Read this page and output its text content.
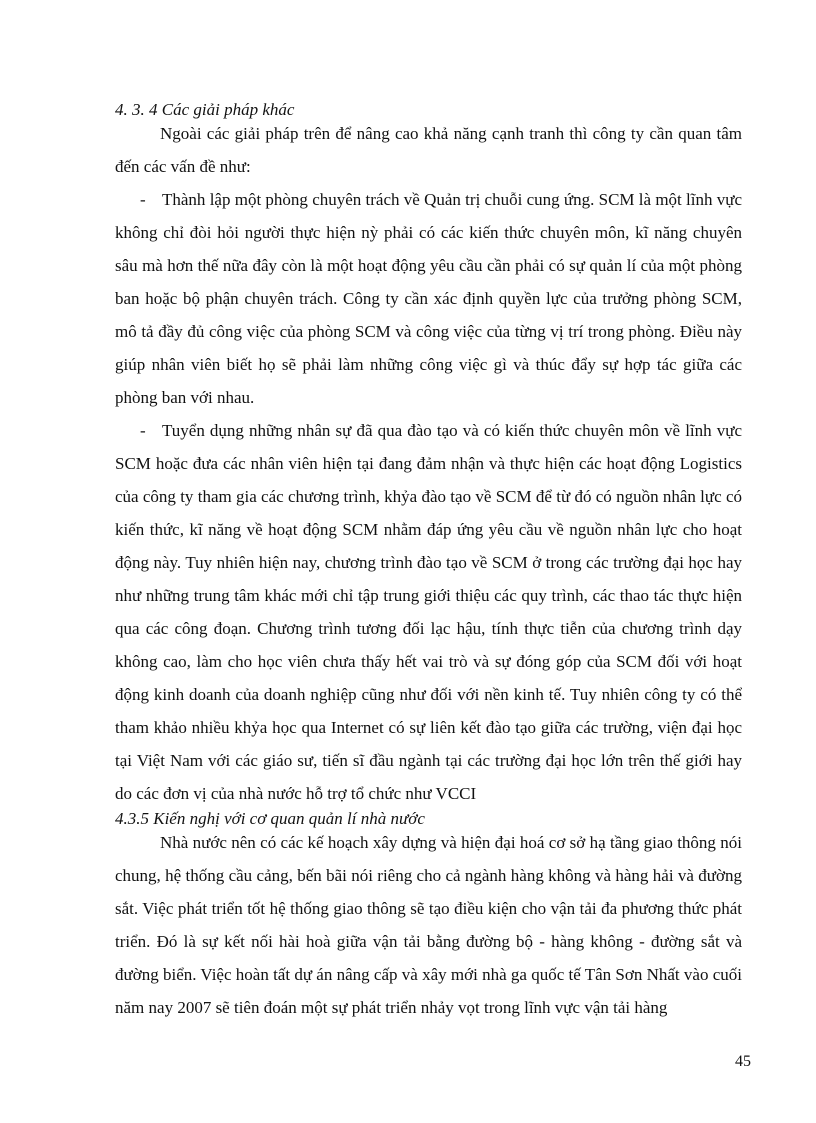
4. 3. 4 Các giải pháp khác

Ngoài các giải pháp trên để nâng cao khả năng cạnh tranh thì công ty cần quan tâm đến các vấn đề như:

- Thành lập một phòng chuyên trách về Quản trị chuỗi cung ứng. SCM là một lĩnh vực không chỉ đòi hỏi người thực hiện nỳ phải có các kiến thức chuyên môn, kĩ năng chuyên sâu mà hơn thế nữa đây còn là một hoạt động yêu cầu cần phải có sự quản lí của một phòng ban hoặc bộ phận chuyên trách. Công ty cần xác định quyền lực của trưởng phòng SCM, mô tả đầy đủ công việc của phòng SCM và công việc của từng vị trí trong phòng. Điều này giúp nhân viên biết họ sẽ phải làm những công việc gì và thúc đẩy sự hợp tác giữa các phòng ban với nhau.

- Tuyển dụng những nhân sự đã qua đào tạo và có kiến thức chuyên môn về lĩnh vực SCM hoặc đưa các nhân viên hiện tại đang đảm nhận và thực hiện các hoạt động Logistics của công ty tham gia các chương trình, khỷa đào tạo về SCM để từ đó có nguồn nhân lực có kiến thức, kĩ năng về hoạt động SCM nhằm đáp ứng yêu cầu về nguồn nhân lực cho hoạt động này. Tuy nhiên hiện nay, chương trình đào tạo về SCM ở trong các trường đại học hay như những trung tâm khác mới chỉ tập trung giới thiệu các quy trình, các thao tác thực hiện qua các công đoạn. Chương trình tương đối lạc hậu, tính thực tiễn của chương trình dạy không cao, làm cho học viên chưa thấy hết vai trò và sự đóng góp của SCM đối với hoạt động kinh doanh của doanh nghiệp cũng như đối với nền kinh tế. Tuy nhiên công ty có thể tham khảo nhiều khỷa học qua Internet có sự liên kết đào tạo giữa các trường, viện đại học tại Việt Nam với các giáo sư, tiến sĩ đầu ngành tại các trường đại học lớn trên thế giới hay do các đơn vị của nhà nước hỗ trợ tổ chức như VCCI

4.3.5 Kiến nghị với cơ quan quản lí nhà nước

Nhà nước nên có các kế hoạch xây dựng và hiện đại hoá cơ sở hạ tầng giao thông nói chung, hệ thống cầu cảng, bến bãi nói riêng cho cả ngành hàng không và hàng hải và đường sắt. Việc phát triển tốt hệ thống giao thông sẽ tạo điều kiện cho vận tải đa phương thức phát triển. Đó là sự kết nối hài hoà giữa vận tải bằng đường bộ - hàng không - đường sắt và đường biển. Việc hoàn tất dự án nâng cấp và xây mới nhà ga quốc tế Tân Sơn Nhất vào cuối năm nay 2007 sẽ tiên đoán một sự phát triển nhảy vọt trong lĩnh vực vận tải hàng

45
